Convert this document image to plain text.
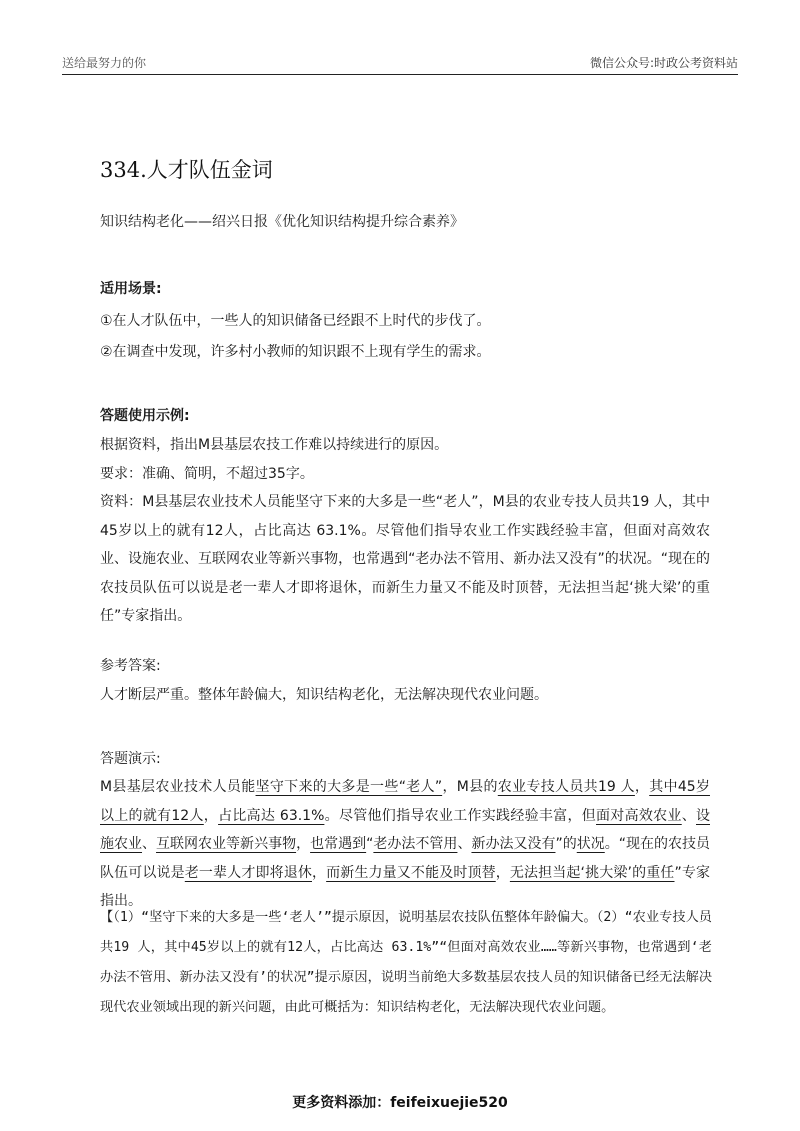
送给最努力的你	微信公众号:时政公考资料站
334.人才队伍金词
知识结构老化——绍兴日报《优化知识结构提升综合素养》
适用场景:
①在人才队伍中，一些人的知识储备已经跟不上时代的步伐了。
②在调查中发现，许多村小教师的知识跟不上现有学生的需求。
答题使用示例:
根据资料，指出M县基层农技工作难以持续进行的原因。
要求：准确、简明，不超过35字。
资料：M县基层农业技术人员能坚守下来的大多是一些“老人”，M县的农业专技人员共19 人，其中45岁以上的就有12人，占比高达 63.1%。尽管他们指导农业工作实践经验丰富，但面对高效农业、设施农业、互联网农业等新兴事物，也常遇到“老办法不管用、新办法又没有”的状况。“现在的农技员队伍可以说是老一辈人才即将退休，而新生力量又不能及时顶替，无法担当起‘挑大梁’的重任”专家指出。
参考答案:
人才断层严重。整体年龄偏大，知识结构老化，无法解决现代农业问题。
答题演示:
M县基层农业技术人员能坚守下来的大多是一些“老人”，M县的农业专技人员共19 人，其中45岁以上的就有12人，占比高达 63.1%。尽管他们指导农业工作实践经验丰富，但面对高效农业、设施农业、互联网农业等新兴事物，也常遇到“老办法不管用、新办法又没有”的状况。“现在的农技员队伍可以说是老一辈人才即将退休，而新生力量又不能及时顶替，无法担当起‘挑大梁’的重任”专家指出。
【（1）“坚守下来的大多是一些‘老人’”提示原因，说明基层农技队伍整体年龄偏大。（2）“农业专技人员共19 人，其中45岁以上的就有12人，占比高达 63.1%”“但面对高效农业……等新兴事物，也常遇到‘老办法不管用、新办法又没有’的状况”提示原因，说明当前绝大多数基层农技人员的知识储备已经无法解决现代农业领域出现的新兴问题，由此可概括为：知识结构老化，无法解决现代农业问题。
更多资料添加：feifeixuejie520
